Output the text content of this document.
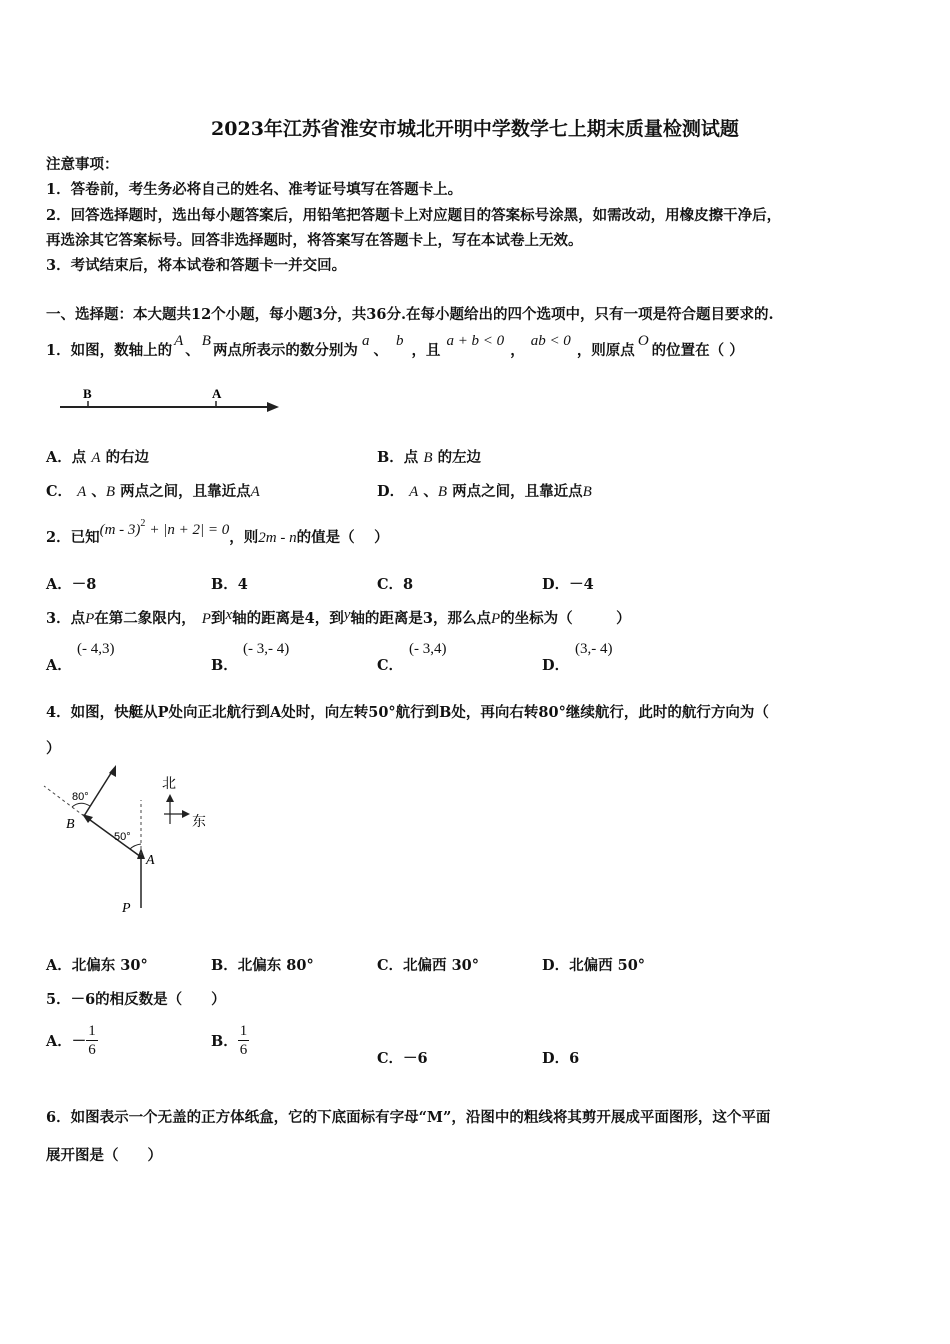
2023年江苏省淮安市城北开明中学数学七上期末质量检测试题
注意事项：
1．答卷前，考生务必将自己的姓名、准考证号填写在答题卡上。
2．回答选择题时，选出每小题答案后，用铅笔把答题卡上对应题目的答案标号涂黑，如需改动，用橡皮擦干净后，
再选涂其它答案标号。回答非选择题时，将答案写在答题卡上，写在本试卷上无效。
3．考试结束后，将本试卷和答题卡一并交回。
一、选择题：本大题共12个小题，每小题3分，共36分.在每小题给出的四个选项中，只有一项是符合题目要求的.
1．如图，数轴上的A、B两点所表示的数分别为a、b，且a + b < 0，ab < 0，则原点O的位置在（ ）
B	A
A．点 A 的右边	B．点 B 的左边
C． A 、B 两点之间，且靠近点A	D． A 、B 两点之间，且靠近点B
2．已知(m - 3)$^2$ + |n + 2| = 0，则2m - n的值是（　 ）
A．－8	B．4	C．8	D．－4
3．点P在第二象限内， P到x轴的距离是4，到y轴的距离是3，那么点P的坐标为（　　　）
A．
(- 4,3)
B．
(- 3,- 4)
C．
(- 3,4)
D．
(3,- 4)
4．如图，快艇从P处向正北航行到A处时，向左转50°航行到B处，再向右转80°继续航行，此时的航行方向为（
）
80°
50°
B
A
P
北
东
A．北偏东 30°	B．北偏东 80°	C．北偏西 30°	D．北偏西 50°
5．－6的相反数是（　　）
A．－ $\frac{1}{6}$	B． $\frac{1}{6}$	C．－6	D．6
6．如图表示一个无盖的正方体纸盒，它的下底面标有字母“M”，沿图中的粗线将其剪开展成平面图形，这个平面
展开图是（　　）
